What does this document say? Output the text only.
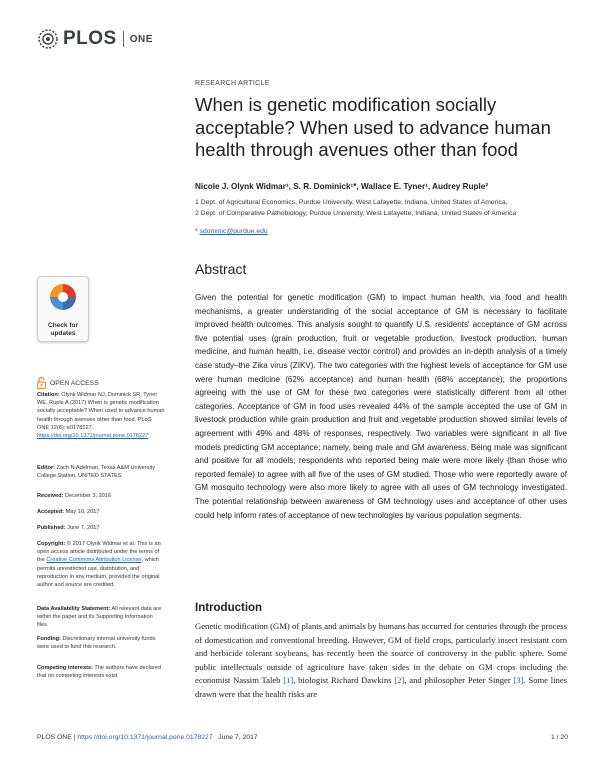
PLOS ONE
RESEARCH ARTICLE
When is genetic modification socially acceptable? When used to advance human health through avenues other than food
Nicole J. Olynk Widmar¹, S. R. Dominick¹*, Wallace E. Tyner¹, Audrey Ruple²
1 Dept. of Agricultural Economics, Purdue University, West Lafayette, Indiana, United States of America,
2 Dept. of Comparative Pathobiology, Purdue University, West Lafayette, Indiana, United States of America
* sdominic@purdue.edu
Abstract
Given the potential for genetic modification (GM) to impact human health, via food and health mechanisms, a greater understanding of the social acceptance of GM is necessary to facilitate improved health outcomes. This analysis sought to quantify U.S. residents' acceptance of GM across five potential uses (grain production, fruit or vegetable production, livestock production, human medicine, and human health, i.e. disease vector control) and provides an in-depth analysis of a timely case study–the Zika virus (ZIKV). The two categories with the highest levels of acceptance for GM use were human medicine (62% acceptance) and human health (68% acceptance); the proportions agreeing with the use of GM for these two categories were statistically different from all other categories. Acceptance of GM in food uses revealed 44% of the sample accepted the use of GM in livestock production while grain production and fruit and vegetable production showed similar levels of agreement with 49% and 48% of responses, respectively. Two variables were significant in all five models predicting GM acceptance; namely, being male and GM awareness. Being male was significant and positive for all models; respondents who reported being male were more likely (than those who reported female) to agree with all five of the uses of GM studied. Those who were reportedly aware of GM mosquito technology were also more likely to agree with all uses of GM technology investigated. The potential relationship between awareness of GM technology uses and acceptance of other uses could help inform rates of acceptance of new technologies by various population segments.
Introduction
Genetic modification (GM) of plants and animals by humans has occurred for centuries through the process of domestication and conventional breeding. However, GM of field crops, particularly insect resistant corn and herbicide tolerant soybeans, has recently been the source of controversy in the public sphere. Some public intellectuals outside of agriculture have taken sides in the debate on GM crops including the economist Nassim Taleb [1], biologist Richard Dawkins [2], and philosopher Peter Singer [3]. Some lines drawn were that the health risks are
Check for updates
OPEN ACCESS
Citation: Olynk Widmar NJ, Dominick SR, Tyner WE, Ruple A (2017) When is genetic modification socially acceptable? When used to advance human health through avenues other than food. PLoS ONE 12(6): e0178227. https://doi.org/10.1371/journal.pone.0178227
Editor: Zach N Adelman, Texas A&M University College Station, UNITED STATES
Received: December 3, 2016
Accepted: May 10, 2017
Published: June 7, 2017
Copyright: © 2017 Olynk Widmar et al. This is an open access article distributed under the terms of the Creative Commons Attribution License, which permits unrestricted use, distribution, and reproduction in any medium, provided the original author and source are credited.
Data Availability Statement: All relevant data are within the paper and its Supporting Information files.
Funding: Discretionary internal university funds were used to fund this research.
Competing interests: The authors have declared that no competing interests exist.
PLOS ONE | https://doi.org/10.1371/journal.pone.0178227 June 7, 2017	1 / 20
